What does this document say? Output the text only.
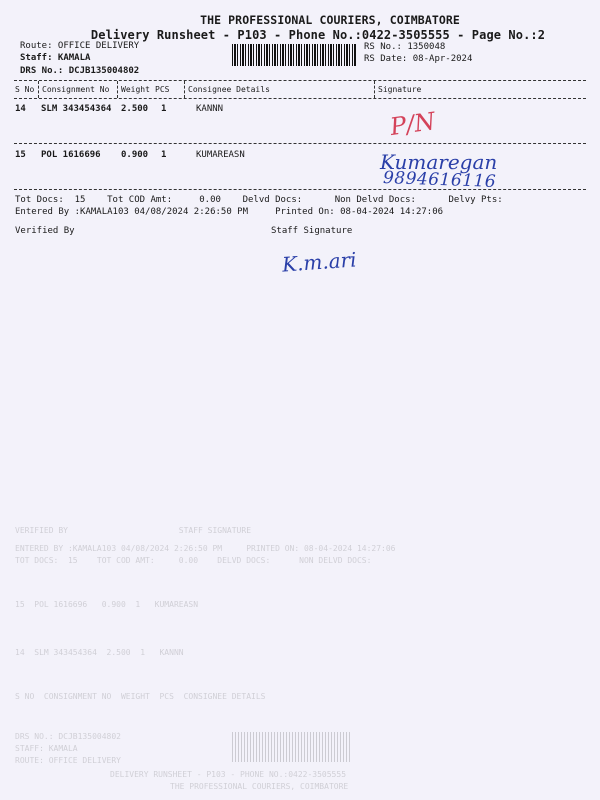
THE PROFESSIONAL COURIERS, COIMBATORE
Delivery Runsheet - P103 - Phone No.:0422-3505555 - Page No.:2
Route: OFFICE DELIVERY
Staff: KAMALA
DRS No.: DCJB135004802
RS No.: 1350048
RS Date: 08-Apr-2024
S No Consignment No Weight PCS Consignee Details	Signature
14 SLM 343454364 2.500 1	KANNN	P/N
15 POL 1616696 0.900 1	KUMAREASN	Kumaregan
9894616116
Tot Docs:  15    Tot COD Amt:     0.00    Delvd Docs:      Non Delvd Docs:      Delvy Pts:
Entered By :KAMALA103 04/08/2024 2:26:50 PM     Printed On: 08-04-2024 14:27:06
Verified By	Staff Signature
K.m.ari
VERIFIED BY                       STAFF SIGNATURE
ENTERED BY :KAMALA103 04/08/2024 2:26:50 PM     PRINTED ON: 08-04-2024 14:27:06
TOT DOCS:  15    TOT COD AMT:     0.00    DELVD DOCS:      NON DELVD DOCS:
15  POL 1616696   0.900  1   KUMAREASN
14  SLM 343454364  2.500  1   KANNN
S NO  CONSIGNMENT NO  WEIGHT  PCS  CONSIGNEE DETAILS
DRS NO.: DCJB135004802
STAFF: KAMALA
ROUTE: OFFICE DELIVERY
DELIVERY RUNSHEET - P103 - PHONE NO.:0422-3505555
THE PROFESSIONAL COURIERS, COIMBATORE
